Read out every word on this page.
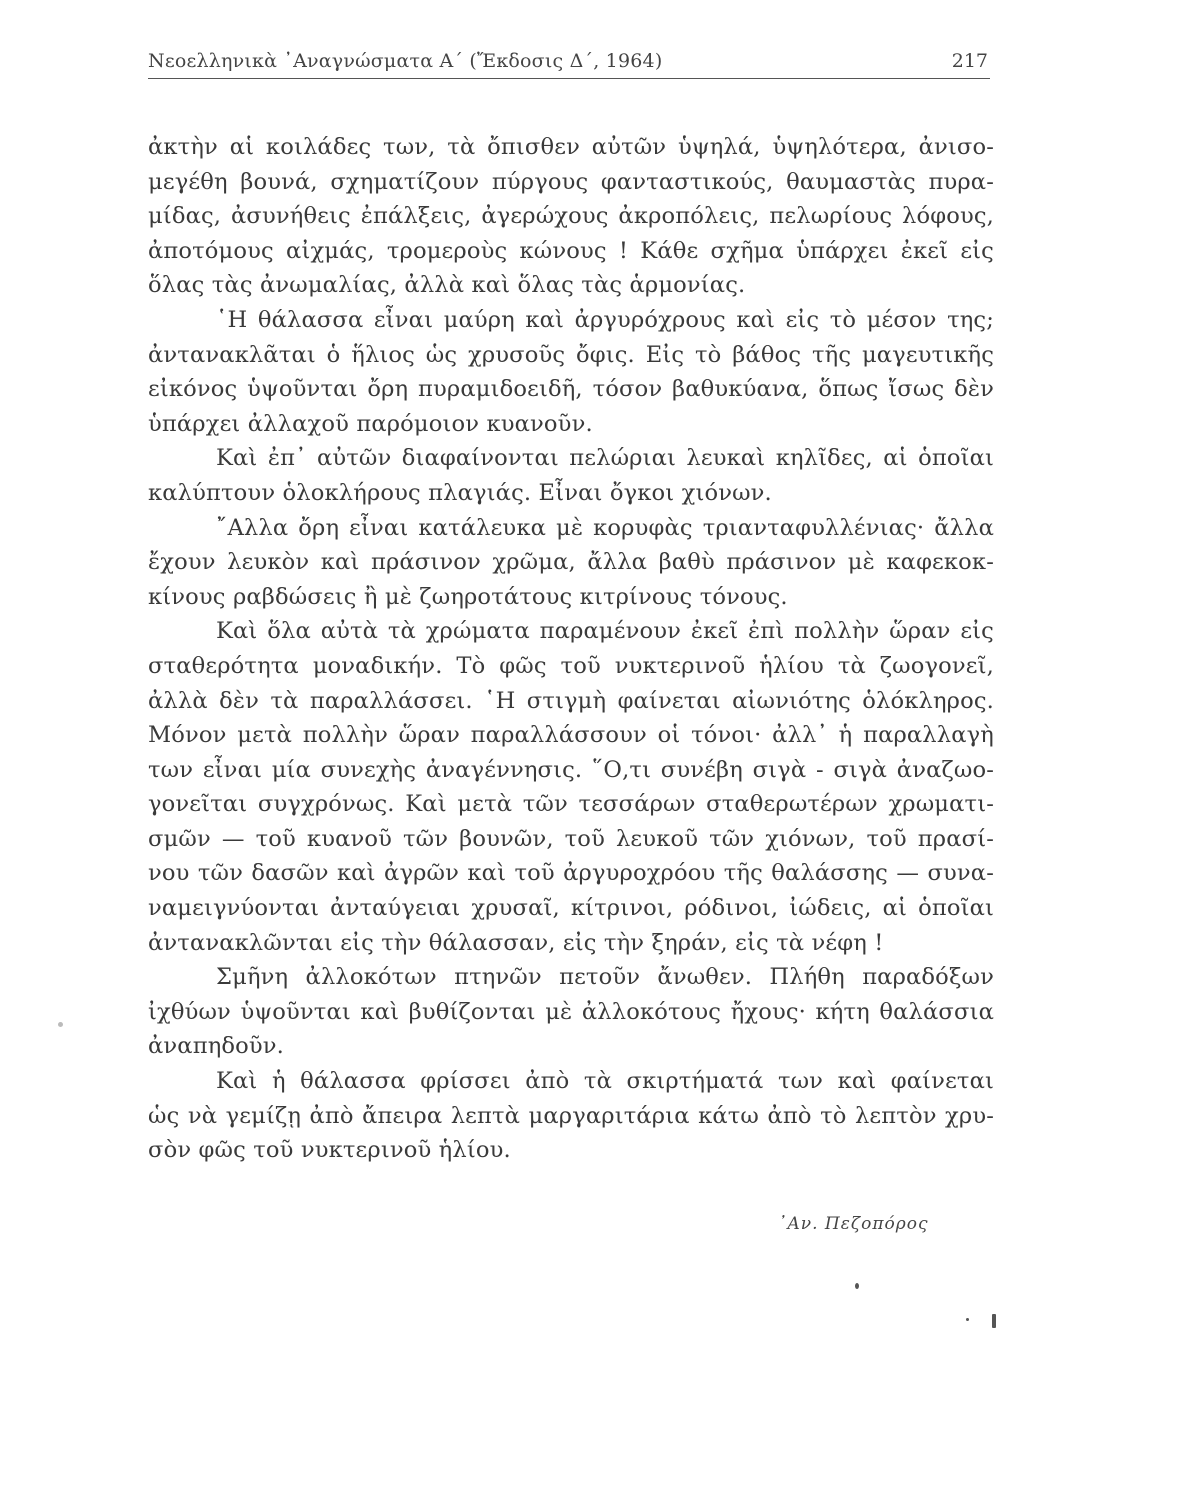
Νεοελληνικὰ ᾿Αναγνώσματα Α΄ (Ἔκδοσις Δ΄, 1964)	217
ἀκτὴν αἱ κοιλάδες των, τὰ ὄπισθεν αὐτῶν ὑψηλά, ὑψηλότερα, ἀνισο-
μεγέθη βουνά, σχηματίζουν πύργους φανταστικούς, θαυμαστὰς πυρα-
μίδας, ἀσυνήθεις ἐπάλξεις, ἀγερώχους ἀκροπόλεις, πελωρίους λόφους,
ἀποτόμους αἰχμάς, τρομεροὺς κώνους ! Κάθε σχῆμα ὑπάρχει ἐκεῖ εἰς
ὅλας τὰς ἀνωμαλίας, ἀλλὰ καὶ ὅλας τὰς ἁρμονίας.
῾Η θάλασσα εἶναι μαύρη καὶ ἀργυρόχρους καὶ εἰς τὸ μέσον της;
ἀντανακλᾶται ὁ ἥλιος ὡς χρυσοῦς ὄφις. Εἰς τὸ βάθος τῆς μαγευτικῆς
εἰκόνος ὑψοῦνται ὄρη πυραμιδοειδῆ, τόσον βαθυκύανα, ὅπως ἴσως δὲν
ὑπάρχει ἀλλαχοῦ παρόμοιον κυανοῦν.
Καὶ ἐπ᾿ αὐτῶν διαφαίνονται πελώριαι λευκαὶ κηλῖδες, αἱ ὁποῖαι
καλύπτουν ὁλοκλήρους πλαγιάς. Εἶναι ὄγκοι χιόνων.
῎Αλλα ὄρη εἶναι κατάλευκα μὲ κορυφὰς τριανταφυλλένιας· ἄλλα
ἔχουν λευκὸν καὶ πράσινον χρῶμα, ἄλλα βαθὺ πράσινον μὲ καφεκοκ-
κίνους ραβδώσεις ἢ μὲ ζωηροτάτους κιτρίνους τόνους.
Καὶ ὅλα αὐτὰ τὰ χρώματα παραμένουν ἐκεῖ ἐπὶ πολλὴν ὥραν εἰς
σταθερότητα μοναδικήν. Τὸ φῶς τοῦ νυκτερινοῦ ἡλίου τὰ ζωογονεῖ,
ἀλλὰ δὲν τὰ παραλλάσσει. ῾Η στιγμὴ φαίνεται αἰωνιότης ὁλόκληρος.
Μόνον μετὰ πολλὴν ὥραν παραλλάσσουν οἱ τόνοι· ἀλλ᾿ ἡ παραλλαγὴ
των εἶναι μία συνεχὴς ἀναγέννησις. ῞Ο,τι συνέβη σιγὰ - σιγὰ ἀναζωο-
γονεῖται συγχρόνως. Καὶ μετὰ τῶν τεσσάρων σταθερωτέρων χρωματι-
σμῶν — τοῦ κυανοῦ τῶν βουνῶν, τοῦ λευκοῦ τῶν χιόνων, τοῦ πρασί-
νου τῶν δασῶν καὶ ἀγρῶν καὶ τοῦ ἀργυροχρόου τῆς θαλάσσης — συνα-
ναμειγνύονται ἀνταύγειαι χρυσαῖ, κίτρινοι, ρόδινοι, ἰώδεις, αἱ ὁποῖαι
ἀντανακλῶνται εἰς τὴν θάλασσαν, εἰς τὴν ξηράν, εἰς τὰ νέφη !
Σμῆνη ἀλλοκότων πτηνῶν πετοῦν ἄνωθεν. Πλήθη παραδόξων
ἰχθύων ὑψοῦνται καὶ βυθίζονται μὲ ἀλλοκότους ἤχους· κήτη θαλάσσια
ἀναπηδοῦν.
Καὶ ἡ θάλασσα φρίσσει ἀπὸ τὰ σκιρτήματά των καὶ φαίνεται
ὡς νὰ γεμίζῃ ἀπὸ ἄπειρα λεπτὰ μαργαριτάρια κάτω ἀπὸ τὸ λεπτὸν χρυ-
σὸν φῶς τοῦ νυκτερινοῦ ἡλίου.
᾿Αν. Πεζοπόρος
